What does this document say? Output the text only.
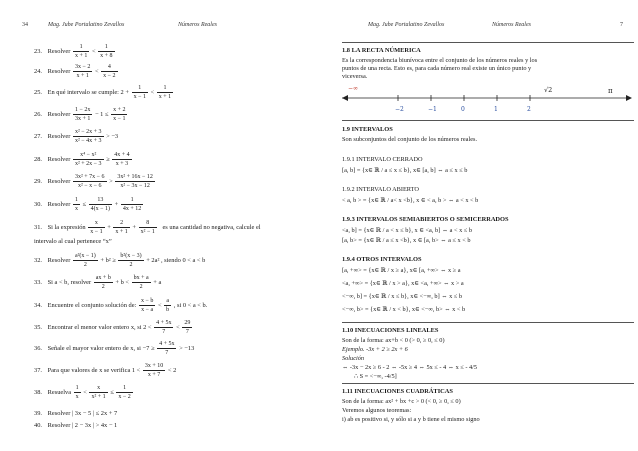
34	Mag. Jube Portalatino Zevallos	Números Reales
23. Resolver $\frac{1}{x + 1} < \frac{1}{x + 8}$
24. Resolver $\frac{3x - 2}{x + 1} < \frac{4}{x - 2}$
25. En qué intervalo se cumple: $2 + \frac{1}{x - 1} < \frac{1}{x + 1}$
26. Resolver $\frac{1 - 2x}{3x + 1} - 1 \le \frac{x + 2}{x - 1}$
27. Resolver $\frac{\text{x² − 2x + 3}}{\text{x² − 4x + 3}} > -3$
28. Resolver $\frac{\text{x⁴ − x²}}{\text{x² + 2x − 3}} \ge \frac{4x + 4}{x + 3}$
29. Resolver $\frac{\text{3x² + 7x − 6}}{\text{x² − x − 6}} > \frac{\text{3x² + 16x − 12}}{\text{x² − 3x − 12}}$
30. Resolver $\frac{1}{x} \le \frac{13}{4(x - 1)} + \frac{1}{4x + 12}$
31. Si la expresión $\frac{x}{x - 1} + \frac{2}{x + 1} + \frac{8}{\text{x² − 1}}$ es una cantidad no negativa, calcule el
intervalo al cual pertenece “x”
32. Resolver $\frac{\text{a²(x − 1)}}{2} + b^2 \ge \frac{\text{b²(x − 3)}}{2} + 2a^2$ , siendo 0 < a < b
33. Si a < b, resolver $\frac{ax + b}{2} + b < \frac{bx + a}{2} + a$
34. Encuentre el conjunto solución de: $\frac{x - b}{x - a} < \frac{a}{b}$ , si 0 < a < b.
35. Encontrar el menor valor entero x, si $2 < \frac{4 + 5x}{7} < \frac{29}{7}$
36. Señale el mayor valor entero de x, si $-7 \ge \frac{4 + 5x}{7} > -13$
37. Para que valores de x se verifica $1 < \frac{3x + 10}{x + 7} < 2$
38. Resuelva $\frac{1}{x} < \frac{x}{\text{x² + 1}} \le \frac{1}{x - 2}$
39. Resolver | 3x − 5 | ≤ 2x + 7
40. Resolver | 2 − 3x | > 4x − 1
Mag. Jube Portalatino Zevallos	Números Reales	7
1.8 LA RECTA NÚMERICA
Es la correspondencia biunívoca entre el conjunto de los números reales y los
puntos de una recta. Esto es, para cada número real existe un único punto y
viceversa.
−∞
−2	−1	0	1	2
√2	π
1.9 INTERVALOS
Son subconjuntos del conjunto de los números reales.
1.9.1 INTERVALO CERRADO
[a, b] = {x∈ ℝ / a ≤ x ≤ b}, x∈ [a, b] ⇔ a ≤ x ≤ b
1.9.2 INTERVALO ABIERTO
< a, b > = {x∈ ℝ / a< x <b}, x ∈ < a, b > ⇔ a < x < b
1.9.3 INTERVALOS SEMIABIERTOS O SEMICERRADOS
<a, b] = {x∈ ℝ / a < x ≤ b}, x ∈ <a, b] ⇔ a < x ≤ b
[a, b> = {x∈ ℝ / a ≤ x <b}, x ∈ [a, b> ⇔ a ≤ x < b
1.9.4 OTROS INTERVALOS
[a, +∞> = {x∈ ℝ / x ≥ a}, x∈ [a, +∞> ⇔ x ≥ a
<a, +∞> = {x∈ ℝ / x > a}, x∈ <a, +∞> ⇔ x > a
<−∞, b] = {x∈ ℝ / x ≤ b}, x∈ <−∞, b] ⇔ x ≤ b
<−∞, b> = {x∈ ℝ / x < b}, x∈ <−∞, b> ⇔ x < b
1.10 INECUACIONES LINEALES
Son de la forma: ax+b < 0 (> 0, ≥ 0, ≤ 0)
Ejemplo. -3x + 2 ≥ 2x + 6
Solución
⇔ -3x − 2x ≥ 6 - 2 ⇔ -5x ≥ 4 ⇔ 5x ≤ - 4 ⇔ x ≤ - 4/5
∴ S = <−∞, -4/5]
1.11 INECUACIONES CUADRÁTICAS
Son de la forma: ax² + bx +c > 0 (< 0, ≥ 0, ≤ 0)
Veremos algunos teoremas:
i) ab es positivo si, y sólo si a y b tiene el mismo signo
